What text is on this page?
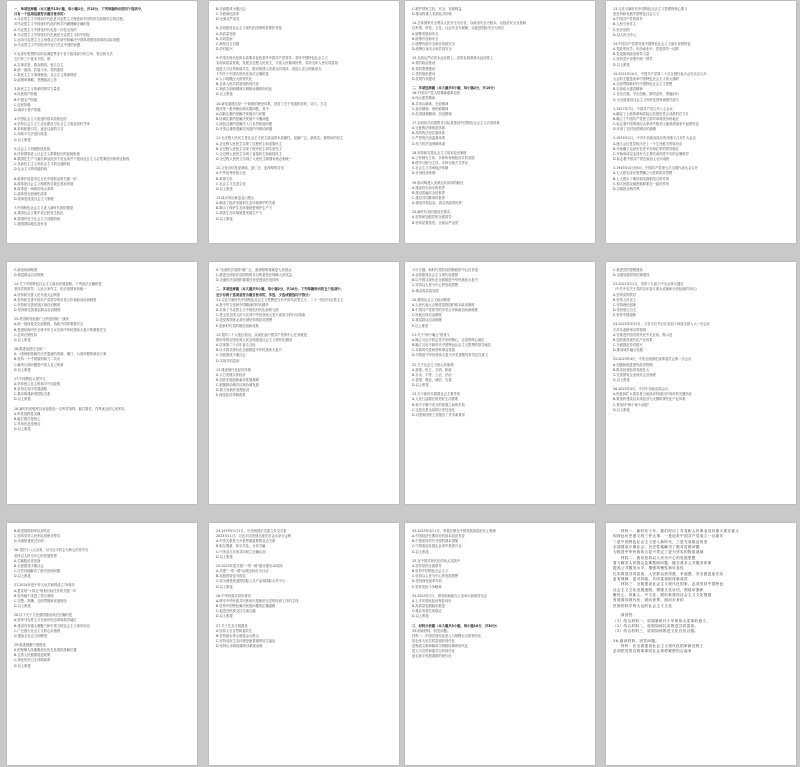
一、单项选择题（本大题共15小题，每小题1分，共15分。下列每题给出的四个选项中，
只有一个选项是最符合题目要求的）
1.马克思主义中国化时代化是马克思主义理论同中国具体实际相结合的过程。
对马克思主义中国化时代化的科学内涵理解正确的是
A.马克思主义中国化时代化是一次性完成的
B.马克思主义中国化时代化就是马克思主义的中国化
C.运用马克思主义立场观点方法研究和解决中国革命建设改革的实际问题
D.马克思主义中国化时代化只关注中国的问题
2.毛泽东思想的活的灵魂是贯穿于各个组成部分的立场、观点和方法
它们有三个基本方面，即
A.实事求是、群众路线、独立自主
B.统一战线、武装斗争、党的建设
C.新民主主义革命理论、社会主义革命理论
D.政策和策略、思想政治工作
3.新民主主义革命的领导力量是
A.民族资产阶级
B.中国无产阶级
C.农民阶级
D.城市小资产阶级
4.中国社会主义改造的基本经验包括
A.坚持社会主义工业化建设与社会主义改造同时并举
B.采取积极引导、逐步过渡的方式
C.用和平方法进行改造
D.以上都是
5.社会主义初级阶段是指
A.任何国家进入社会主义都要经历的起始阶段
B.我国在生产力落后商品经济不发达条件下建设社会主义必然要经历的特定阶段
C.从新民主主义到社会主义的过渡阶段
D.社会主义的低级阶段
6.改革开放是决定当代中国命运的关键一招
A.改革是社会主义制度的自我完善和发展
B.改革是一场新的伟大革命
C.改革是全面深化改革
D.改革是改变社会主义制度
7.中国特色社会主义进入新时代的依据是
A.我国社会主要矛盾已经发生转化
B.我国仍处于社会主义初级阶段
C.我国国际地位没有变
B.全面建成小康社会
C.全面深化改革
D.全面从严治党
8.全面建设社会主义现代化国家的首要任务是
A.高质量发展
B.共同富裕
C.科技自立自强
D.乡村振兴
9.中国式现代化的本质要求包括坚持中国共产党领导，坚持中国特色社会主义
实现高质量发展，发展全过程人民民主，丰富人民精神世界，实现全体人民共同富裕
促进人与自然和谐共生，推动构建人类命运共同体，创造人类文明新形态
下列关于中国式现代化说法正确的是
A.人口规模巨大的现代化
B.全体人民共同富裕的现代化
C.物质文明和精神文明相协调的现代化
D.以上都是
10.新发展理念是一个系统的理论体系，回答了关于发展的目的、动力、方式
路径等一系列理论和实践问题，其中
A.创新注重的是解决发展动力问题
B.协调注重的是解决发展不平衡问题
C.绿色注重的是解决人与自然和谐问题
D.开放注重的是解决发展内外联动问题
11.全过程人民民主是社会主义民主政治的本质属性，是最广泛、最真实、最管用的民主
A.全过程人民民主实现了过程民主和成果民主
B.全过程人民民主实现了程序民主和实质民主
C.全过程人民民主实现了直接民主和间接民主
D.全过程人民民主实现了人民民主和国家意志相统一
12.文化自信是更基础、更广泛、更深厚的自信
A.中华优秀传统文化
B.革命文化
C.社会主义先进文化
D.以上都是
13.绿水青山就是金山银山
A.阐述了经济发展和生态环境保护的关系
B.揭示了保护生态环境就是保护生产力
C.改善生态环境就是发展生产力
D.以上都是
C.维护国家主权、安全、发展利益
D.推动构建人类命运共同体
14.总体国家安全观以人民安全为宗旨，以政治安全为根本，以经济安全为基础
以军事、科技、文化、社会安全为保障，以促进国际安全为依托
A.统筹发展和安全
B.统筹开放和安全
C.统筹传统安全和非传统安全
D.统筹自身安全和共同安全
15.全面从严治党永远在路上，党的自我革命永远在路上
A.党的政治建设
B.党的思想建设
C.党的组织建设
D.党的作风建设
二、多项选择题（本大题共5小题，每小题2分，共10分）
16.中国共产党人的精神谱系包括
A.伟大建党精神
B.井冈山精神、长征精神
C.延安精神、西柏坡精神
D.抗美援朝精神、抗疫精神
17.全面依法治国的总目标是建设中国特色社会主义法治体系
A.完备的法律规范体系
B.高效的法治实施体系
C.严密的法治监督体系
D.有力的法治保障体系
18.坚持和完善社会主义基本经济制度
A.公有制为主体、多种所有制经济共同发展
B.按劳分配为主体、多种分配方式并存
C.社会主义市场经济体制
D.计划经济体制
19.推动构建人类命运共同体的路径
A.建设持久和平的世界
B.建设普遍安全的世界
C.建设共同繁荣的世界
D.建设开放包容、清洁美丽的世界
20.新时代党的建设总要求
A.坚持和加强党的全面领导
B.坚持党要管党、全面从严治党
13.习近平新时代中国特色社会主义思想的核心要义
是坚持和发展中国特色社会主义
A.中国共产党的领导
B.人民当家作主
C.依法治国
D.以人民为中心
14.中国共产党领导是中国特色社会主义最本质的特征
A.党政军民学，东西南北中，党是领导一切的
B.党是最高政治领导力量
C.坚持党中央集中统一领导
D.以上都是
15.2022年10月，中国共产党第二十次全国代表大会在北京召开
大会的主题是高举中国特色社会主义伟大旗帜
A.全面贯彻新时代中国特色社会主义思想
B.弘扬伟大建党精神
C.自信自强、守正创新，踔厉奋发、勇毅前行
D.为全面建设社会主义现代化国家而团结奋斗
1.1927年7月，中国共产党召开八七会议
A.确定了土地革命和武装反抗国民党反动派的总方针
B.确立了中国共产党独立领导革命战争的地位
C.标志着中国革命由大革命失败到土地革命战争兴起的转变
D.开辟了农村包围城市的道路
2.1935年1月，中共中央政治局在贵州遵义召开扩大会议
A.遵义会议是党的历史上一个生死攸关的转折点
B.开始确立毛泽东在党中央和红军的领导地位
C.开始形成以毛泽东为主要代表的党中央的正确领导
D.标志着中国共产党在政治上走向成熟
3.1945年4月至6月，中国共产党第七次全国代表大会召开
A.七大把毛泽东思想确立为党的指导思想
B.七大提出了理论和实践相结合的作风
C.和人民群众紧密地联系在一起的作风
D.自我批评的作风
C.政治协商制度
D.基层群众自治制度
14.关于中国特色社会主义政治发展道路，下列说法正确的是
坚持党的领导、人民当家作主、依法治国有机统一
A.坚持和完善人民代表大会制度
B.坚持和完善中国共产党领导的多党合作和政治协商制度
C.坚持和完善民族区域自治制度
D.坚持和完善基层群众自治制度
15.巩固和发展最广泛的爱国统一战线
A.统一战线是党克敌制胜、执政兴国的重要法宝
B.是团结海内外全体中华儿女实现中华民族伟大复兴的重要法宝
C.必须长期坚持
D.以上都是
16.推进祖国完全统一
A.一国两制是解决历史遗留的香港、澳门、台湾问题的最佳方案
B.坚持一个中国原则和九二共识
C.解决台湾问题是中国人自己的事
D.以上都是
17.中国特色大国外交
A.坚持独立自主的和平外交政策
B.坚持走和平发展道路
C.推动构建新型国际关系
D.以上都是
18.新时代的强军目标是建设一支听党指挥、能打胜仗、作风优良的人民军队
A.听党指挥是灵魂
B.能打胜仗是核心
C.作风优良是保证
D.以上都是
9."全面依法治国"最广泛、最深厚的基础是人民群众
C.推进全面依法治国的根本目的是依法保障人民权益
D.全面依法治国的重要任务是建设法治国家
二、多项选择题（本大题共5小题，每小题2分，共10分。下列每题给出的五个选项中，
至少有两个选项是符合题目要求的，多选、少选或错选均不得分）
11.习近平新时代中国特色社会主义思想是当代中国马克思主义、二十一世纪马克思主义
A.是中华文化和中国精神的时代精华
B.实现了马克思主义中国化时代化新的飞跃
C.是全党全国人民为实现中华民族伟大复兴而奋斗的行动指南
D.是党和国家必须长期坚持的指导思想
E.是新时代党的理论创新成果
12.党的二十大报告指出，从现在起中国共产党的中心任务就是
团结带领全国各族人民全面建成社会主义现代化强国
A.实现第二个百年奋斗目标
B.以中国式现代化全面推进中华民族伟大复兴
C.全面建成小康社会
D.实现共同富裕
13.建设现代化经济体系
A.大力发展实体经济
B.加快实施创新驱动发展战略
C.积极推动城乡区域协调发展
D.着力发展开放型经济
E.深化经济体制改革
不可分割。新时代党的治国理政的中心任务是
A.全面建成社会主义现代化强国
B.以中国式现代化全面推进中华民族伟大复兴
C.坚持以人民为中心的发展思想
D.推动高质量发展
20.我国社会主义政治制度
A.人民代表大会制度是我国的根本政治制度
B.中国共产党领导的多党合作和政治协商制度
C.民族区域自治制度
D.基层群众自治制度
E.以上都是
21.关于"两个确立"的意义
A.确立习近平同志党中央的核心、全党的核心地位
B.确立习近平新时代中国特色社会主义思想的指导地位
C.对新时代党和国家事业发展
D.对推进中华民族伟大复兴历史进程具有决定性意义
22.关于社会主义核心价值观
A.富强、民主、文明、和谐
B.自由、平等、公正、法治
C.爱国、敬业、诚信、友善
D.以上都是
23.关于新时代我国社会主要矛盾
A.人民日益增长的美好生活需要
B.和不平衡不充分的发展之间的矛盾
C.这是关系全局的历史性变化
D.对党和国家工作提出了许多新要求
C.推进党的思想建设
D.全面加强党的纪律建设
23.2021年11月，党的十九届六中全会审议通过
《中共中央关于党的百年奋斗重大成就和历史经验的决议》
A.坚持党的领导
B.坚持人民至上
C.坚持理论创新
D.坚持独立自主
E.坚持中国道路
24.2023年3月5日，习近平总书记在参加十四届全国人大一次会议
江苏代表团审议时强调
A.在推进中国式现代化中走在前、做示范
B.加快建设现代化产业体系
C.全面推进乡村振兴
D.推动城乡融合发展
25.2023年4月，中央全面深化改革委员会第一次会议
A.加强和改进国有经济管理
B.推动民营经济发展壮大
C.完善国有企业现代企业制度
D.以上都是
26.2023年4月，中共中央政治局会议
A.恢复和扩大需求是当前经济持续回升向好的关键所在
B.要加快建设以实体经济为支撑的现代化产业体系
C.要坚持"两个毫不动摇"
D.以上都是
B.推进国防和军队现代化
C.坚持党对人民军队的绝对领导
D.全面推进依法治军
26.党的十八大以来，以习近平同志为核心的党中央
坚持以人民为中心的发展思想
A.打赢脱贫攻坚战
B.全面建成小康社会
C.历史性地解决了绝对贫困问题
D.以上都是
27.2024年是中华人民共和国成立75周年
A.是实现"十四五"规划目标任务的关键一年
B.坚持稳中求进工作总基调
C.完整、准确、全面贯彻新发展理念
D.以上都是
28.以下关于文化强国建设说法正确的是
A.坚持马克思主义在意识形态领域指导地位
B.建设具有强大凝聚力和引领力的社会主义意识形态
C.广泛践行社会主义核心价值观
D.提高全社会文明程度
29.推进健康中国建设
A.把保障人民健康放在优先发展的战略位置
B.完善人民健康促进政策
C.深化医药卫生体制改革
D.以上都是
24.1979年1月1日，中美两国正式建立外交关系
2023年11月，习近平同美国总统在旧金山举行会晤
A.中美关系是当今世界最重要的双边关系
B.相互尊重、和平共处、合作共赢
C.中美双方应该共同树立正确认知
D.以上都是
25.2023年是共建"一带一路"倡议提出10周年
A.共建"一带一路"从理念转化为行动
B.从愿景转变为现实
C.成为深受欢迎的国际公共产品和国际合作平台
D.以上都是
26.中华民族共同体意识
A.铸牢中华民族共同体意识是新时代党的民族工作的主线
B.坚持中国特色解决民族问题的正确道路
C.促进各民族交往交流交融
D.以上都是
27.关于生态文明建设
A.坚持人与自然和谐共生
B.坚持绿水青山就是金山银山
C.坚持良好生态环境是最普惠的民生福祉
D.坚持山水林田湖草沙系统治理
33.2023年4月1日，李强总理在中国发展高层论坛上强调
A.中国经济长期向好的基本面没有变
B.中国坚持对外开放的基本国策
C.中国欢迎各国企业来华投资兴业
D.以上都是
33.在中国式现代化的伟大实践中
A.坚持党的全面领导
B.坚持中国特色社会主义
C.坚持以人民为中心的发展思想
D.坚持深化改革开放
E.坚持发扬斗争精神
34.2023年7月，国务院新闻办公室举行新闻发布会
A.上半年国民经济恢复向好
B.高质量发展稳步推进
C.就业形势总体稳定
D.以上都是
三、材料分析题（本大题共3小题，每小题10分，共30分）
35.阅读材料，回答问题。
材料一：中国式现代化是人口规模巨大的现代化
是全体人民共同富裕的现代化
是物质文明和精神文明相协调的现代化
是人与自然和谐共生的现代化
是走和平发展道路的现代化
　　材料一：新时代十年，我们经历了对党和人民事业具有重大现实意义
和深远历史意义的三件大事：一是迎来中国共产党成立一百周年
二是中国特色社会主义进入新时代，三是完成脱贫攻坚
全面建成小康社会，历史性地解决了绝对贫困问题
为推进中华民族伟大复兴奠定了更为坚实的物质基础
　　材料二：我们坚持以人民为中心的发展思想
着力解决人民群众急难愁盼问题，健全基本公共服务体系
提高公共服务水平，增强均衡性和可及性
扎实推进共同富裕，人民群众获得感、幸福感、安全感更加充实
更有保障、更可持续，共同富裕取得新成效
　　材料三：全面建设社会主义现代化国家，必须坚持中国特色
社会主义文化发展道路，增强文化自信，围绕举旗帜
聚民心、育新人、兴文化、展形象建设社会主义文化强国
发展面向现代化、面向世界、面向未来的
民族的科学的大众的社会主义文化
　　请回答：
（1）结合材料一，说明新时代十年的伟大变革的意义。
（2）结合材料二，说明如何扎实推进共同富裕。
（3）结合材料三，说明如何推进文化自信自强。
36.阅读材料，回答问题。
　　材料：在全面建设社会主义现代化国家新征程上
必须把党的自我革命同社会革命紧密结合起来
